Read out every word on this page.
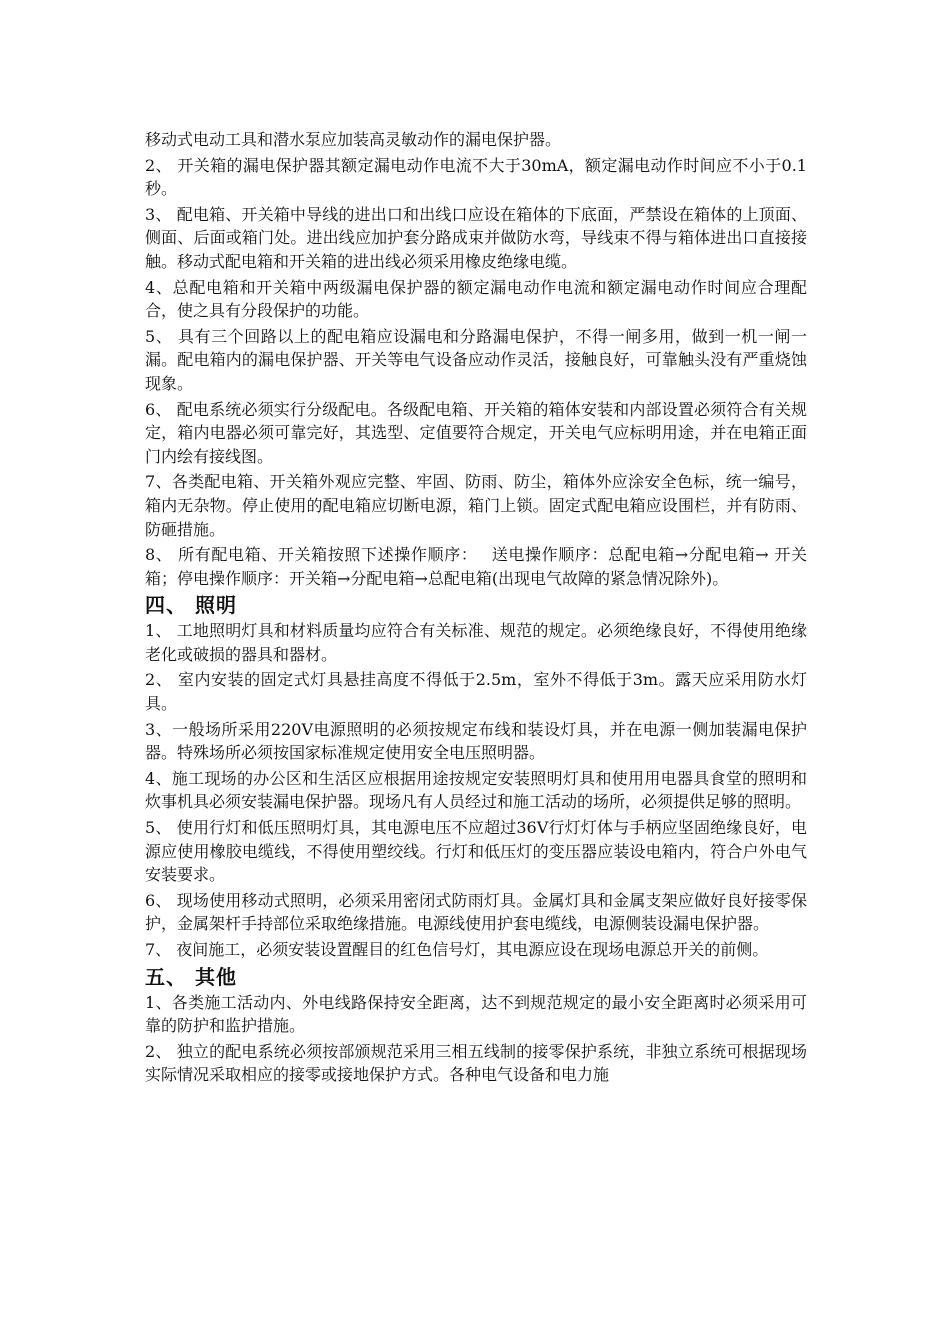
移动式电动工具和潜水泵应加装高灵敏动作的漏电保护器。

2、 开关箱的漏电保护器其额定漏电动作电流不大于30mA，额定漏电动作时间应不小于0.1秒。

3、 配电箱、开关箱中导线的进出口和出线口应设在箱体的下底面，严禁设在箱体的上顶面、侧面、后面或箱门处。进出线应加护套分路成束并做防水弯，导线束不得与箱体进出口直接接触。移动式配电箱和开关箱的进出线必须采用橡皮绝缘电缆。

4、总配电箱和开关箱中两级漏电保护器的额定漏电动作电流和额定漏电动作时间应合理配合，使之具有分段保护的功能。

5、 具有三个回路以上的配电箱应设漏电和分路漏电保护，不得一闸多用，做到一机一闸一漏。配电箱内的漏电保护器、开关等电气设备应动作灵活，接触良好，可靠触头没有严重烧蚀现象。

6、 配电系统必须实行分级配电。各级配电箱、开关箱的箱体安装和内部设置必须符合有关规定，箱内电器必须可靠完好，其选型、定值要符合规定，开关电气应标明用途，并在电箱正面门内绘有接线图。

7、各类配电箱、开关箱外观应完整、牢固、防雨、防尘，箱体外应涂安全色标，统一编号，箱内无杂物。停止使用的配电箱应切断电源，箱门上锁。固定式配电箱应设围栏，并有防雨、防砸措施。

8、 所有配电箱、开关箱按照下述操作顺序：　 送电操作顺序：总配电箱→分配电箱→ 开关箱；停电操作顺序：开关箱→分配电箱→总配电箱(出现电气故障的紧急情况除外)。

四、 照明

1、 工地照明灯具和材料质量均应符合有关标准、规范的规定。必须绝缘良好，不得使用绝缘老化或破损的器具和器材。

2、 室内安装的固定式灯具悬挂高度不得低于2.5m，室外不得低于3m。露天应采用防水灯具。

3、一般场所采用220V电源照明的必须按规定布线和装设灯具，并在电源一侧加装漏电保护器。特殊场所必须按国家标准规定使用安全电压照明器。

4、施工现场的办公区和生活区应根据用途按规定安装照明灯具和使用用电器具食堂的照明和炊事机具必须安装漏电保护器。现场凡有人员经过和施工活动的场所，必须提供足够的照明。

5、 使用行灯和低压照明灯具，其电源电压不应超过36V行灯灯体与手柄应坚固绝缘良好，电源应使用橡胶电缆线，不得使用塑绞线。行灯和低压灯的变压器应装设电箱内，符合户外电气安装要求。

6、 现场使用移动式照明，必须采用密闭式防雨灯具。金属灯具和金属支架应做好良好接零保护，金属架杆手持部位采取绝缘措施。电源线使用护套电缆线，电源侧装设漏电保护器。

7、 夜间施工，必须安装设置醒目的红色信号灯，其电源应设在现场电源总开关的前侧。

五、 其他

1、各类施工活动内、外电线路保持安全距离，达不到规范规定的最小安全距离时必须采用可靠的防护和监护措施。

2、 独立的配电系统必须按部颁规范采用三相五线制的接零保护系统，非独立系统可根据现场实际情况采取相应的接零或接地保护方式。各种电气设备和电力施
